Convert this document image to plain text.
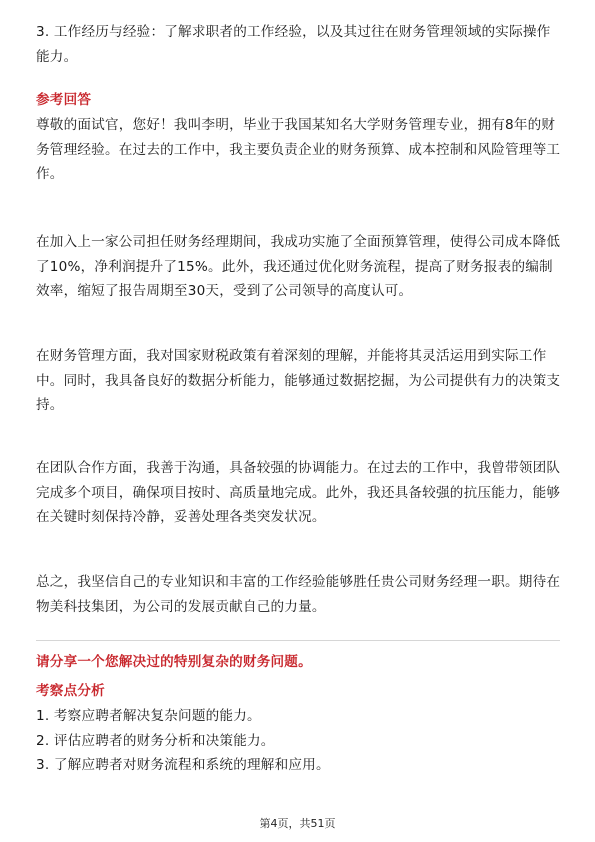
3. 工作经历与经验：了解求职者的工作经验，以及其过往在财务管理领域的实际操作能力。

参考回答

尊敬的面试官，您好！我叫李明，毕业于我国某知名大学财务管理专业，拥有8年的财务管理经验。在过去的工作中，我主要负责企业的财务预算、成本控制和风险管理等工作。

在加入上一家公司担任财务经理期间，我成功实施了全面预算管理，使得公司成本降低了10%，净利润提升了15%。此外，我还通过优化财务流程，提高了财务报表的编制效率，缩短了报告周期至30天，受到了公司领导的高度认可。

在财务管理方面，我对国家财税政策有着深刻的理解，并能将其灵活运用到实际工作中。同时，我具备良好的数据分析能力，能够通过数据挖掘，为公司提供有力的决策支持。

在团队合作方面，我善于沟通，具备较强的协调能力。在过去的工作中，我曾带领团队完成多个项目，确保项目按时、高质量地完成。此外，我还具备较强的抗压能力，能够在关键时刻保持冷静，妥善处理各类突发状况。

总之，我坚信自己的专业知识和丰富的工作经验能够胜任贵公司财务经理一职。期待在物美科技集团，为公司的发展贡献自己的力量。

请分享一个您解决过的特别复杂的财务问题。
考察点分析

1. 考察应聘者解决复杂问题的能力。

2. 评估应聘者的财务分析和决策能力。

3. 了解应聘者对财务流程和系统的理解和应用。

第4页，共51页
